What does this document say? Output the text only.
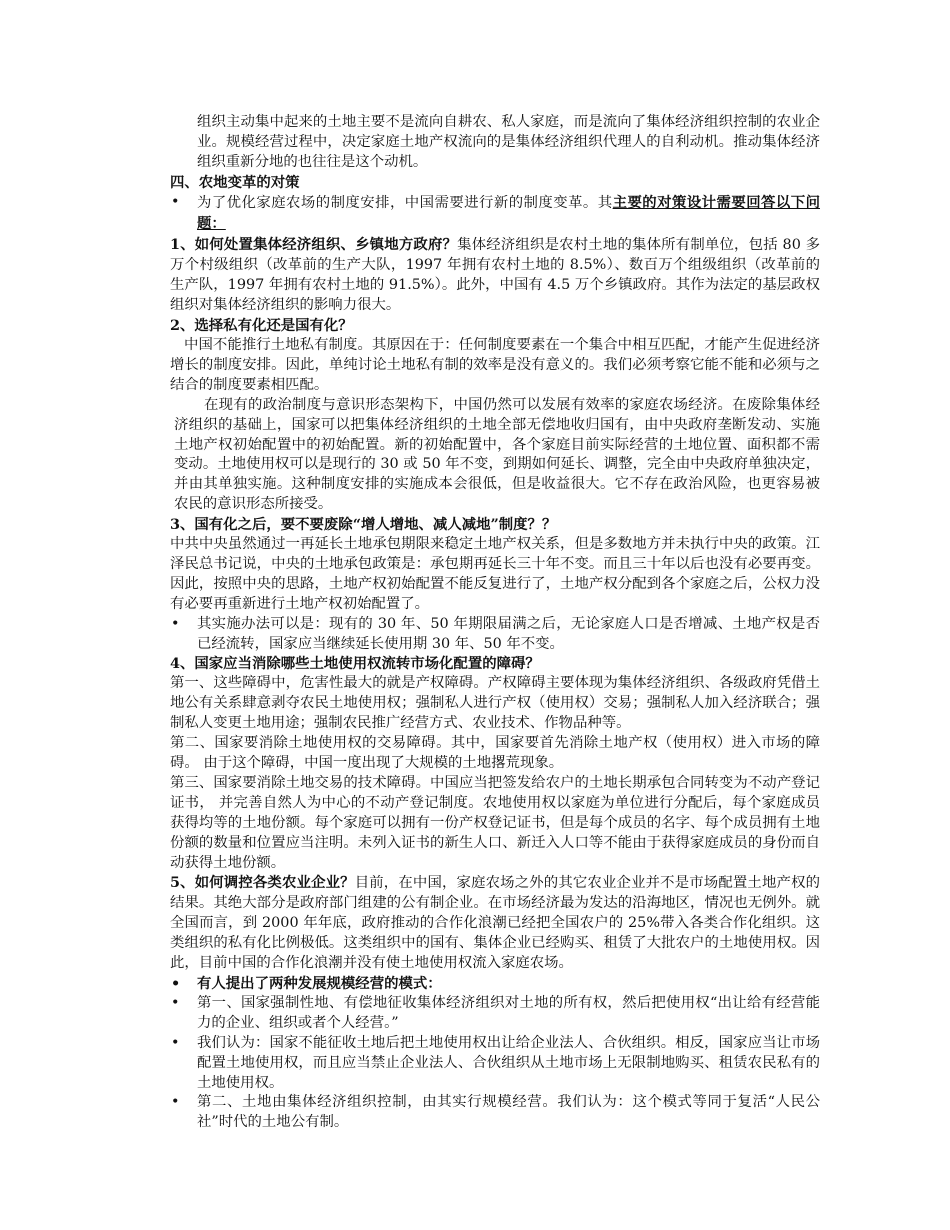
组织主动集中起来的土地主要不是流向自耕农、私人家庭，而是流向了集体经济组织控制的农业企业。规模经营过程中，决定家庭土地产权流向的是集体经济组织代理人的自利动机。推动集体经济组织重新分地的也往往是这个动机。

四、农地变革的对策

• 为了优化家庭农场的制度安排，中国需要进行新的制度变革。其主要的对策设计需要回答以下问题：

1、如何处置集体经济组织、乡镇地方政府？集体经济组织是农村土地的集体所有制单位，包括 80 多万个村级组织（改革前的生产大队，1997 年拥有农村土地的 8.5%）、数百万个组级组织（改革前的生产队，1997 年拥有农村土地的 91.5%）。此外，中国有 4.5 万个乡镇政府。其作为法定的基层政权组织对集体经济组织的影响力很大。

2、选择私有化还是国有化？

中国不能推行土地私有制度。其原因在于：任何制度要素在一个集合中相互匹配，才能产生促进经济增长的制度安排。因此，单纯讨论土地私有制的效率是没有意义的。我们必须考察它能不能和必须与之结合的制度要素相匹配。

在现有的政治制度与意识形态架构下，中国仍然可以发展有效率的家庭农场经济。在废除集体经济组织的基础上，国家可以把集体经济组织的土地全部无偿地收归国有，由中央政府垄断发动、实施土地产权初始配置中的初始配置。新的初始配置中，各个家庭目前实际经营的土地位置、面积都不需变动。土地使用权可以是现行的 30 或 50 年不变，到期如何延长、调整，完全由中央政府单独决定，并由其单独实施。这种制度安排的实施成本会很低，但是收益很大。它不存在政治风险，也更容易被农民的意识形态所接受。

3、国有化之后，要不要废除“增人增地、减人减地”制度？？

中共中央虽然通过一再延长土地承包期限来稳定土地产权关系，但是多数地方并未执行中央的政策。江泽民总书记说，中央的土地承包政策是：承包期再延长三十年不变。而且三十年以后也没有必要再变。因此，按照中央的思路，土地产权初始配置不能反复进行了，土地产权分配到各个家庭之后，公权力没有必要再重新进行土地产权初始配置了。

• 其实施办法可以是：现有的 30 年、50 年期限届满之后，无论家庭人口是否增减、土地产权是否已经流转，国家应当继续延长使用期 30 年、50 年不变。

4、国家应当消除哪些土地使用权流转市场化配置的障碍？

第一、这些障碍中，危害性最大的就是产权障碍。产权障碍主要体现为集体经济组织、各级政府凭借土地公有关系肆意剥夺农民土地使用权；强制私人进行产权（使用权）交易；强制私人加入经济联合；强制私人变更土地用途；强制农民推广经营方式、农业技术、作物品种等。

第二、国家要消除土地使用权的交易障碍。其中，国家要首先消除土地产权（使用权）进入市场的障碍。 由于这个障碍，中国一度出现了大规模的土地撂荒现象。

第三、国家要消除土地交易的技术障碍。中国应当把签发给农户的土地长期承包合同转变为不动产登记证书， 并完善自然人为中心的不动产登记制度。农地使用权以家庭为单位进行分配后，每个家庭成员获得均等的土地份额。每个家庭可以拥有一份产权登记证书，但是每个成员的名字、每个成员拥有土地份额的数量和位置应当注明。未列入证书的新生人口、新迁入人口等不能由于获得家庭成员的身份而自动获得土地份额。

5、如何调控各类农业企业？目前，在中国，家庭农场之外的其它农业企业并不是市场配置土地产权的结果。其绝大部分是政府部门组建的公有制企业。在市场经济最为发达的沿海地区，情况也无例外。就全国而言，到 2000 年年底，政府推动的合作化浪潮已经把全国农户的 25%带入各类合作化组织。这类组织的私有化比例极低。这类组织中的国有、集体企业已经购买、租赁了大批农户的土地使用权。因此，目前中国的合作化浪潮并没有使土地使用权流入家庭农场。

• 有人提出了两种发展规模经营的模式：

• 第一、国家强制性地、有偿地征收集体经济组织对土地的所有权，然后把使用权“出让给有经营能力的企业、组织或者个人经营。”

• 我们认为：国家不能征收土地后把土地使用权出让给企业法人、合伙组织。相反，国家应当让市场配置土地使用权，而且应当禁止企业法人、合伙组织从土地市场上无限制地购买、租赁农民私有的土地使用权。

• 第二、土地由集体经济组织控制，由其实行规模经营。我们认为：这个模式等同于复活“人民公社”时代的土地公有制。
